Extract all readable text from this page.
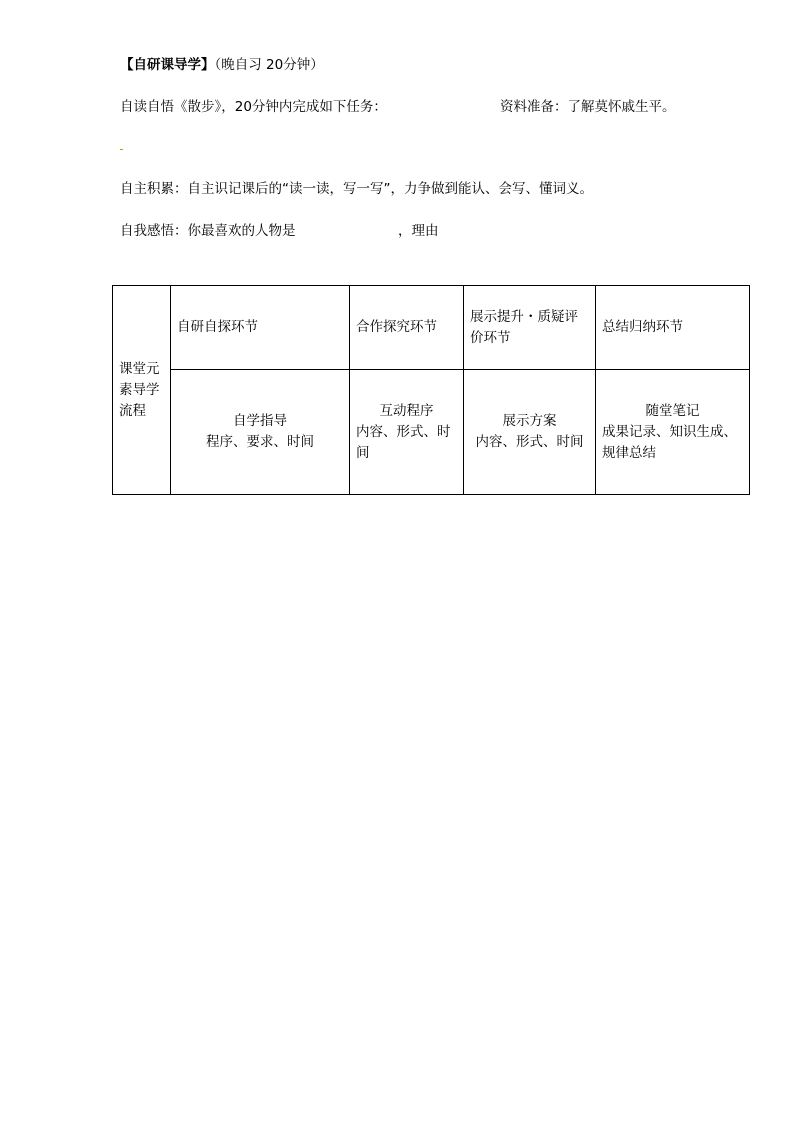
【自研课导学】（晚自习 20分钟）
自读自悟《散步》，20分钟内完成如下任务：	资料准备：了解莫怀戚生平。
自主积累：自主识记课后的“读一读，写一写”，力争做到能认、会写、懂词义。
自我感悟：你最喜欢的人物是	，理由
课堂元
素导学
流程	自研自探环节	合作探究环节	展示提升・质疑评
价环节	总结归纳环节

	自学指导
程序、要求、时间	互动程序
内容、形式、时
间	展示方案
内容、形式、时间	随堂笔记
成果记录、知识生成、
规律总结
